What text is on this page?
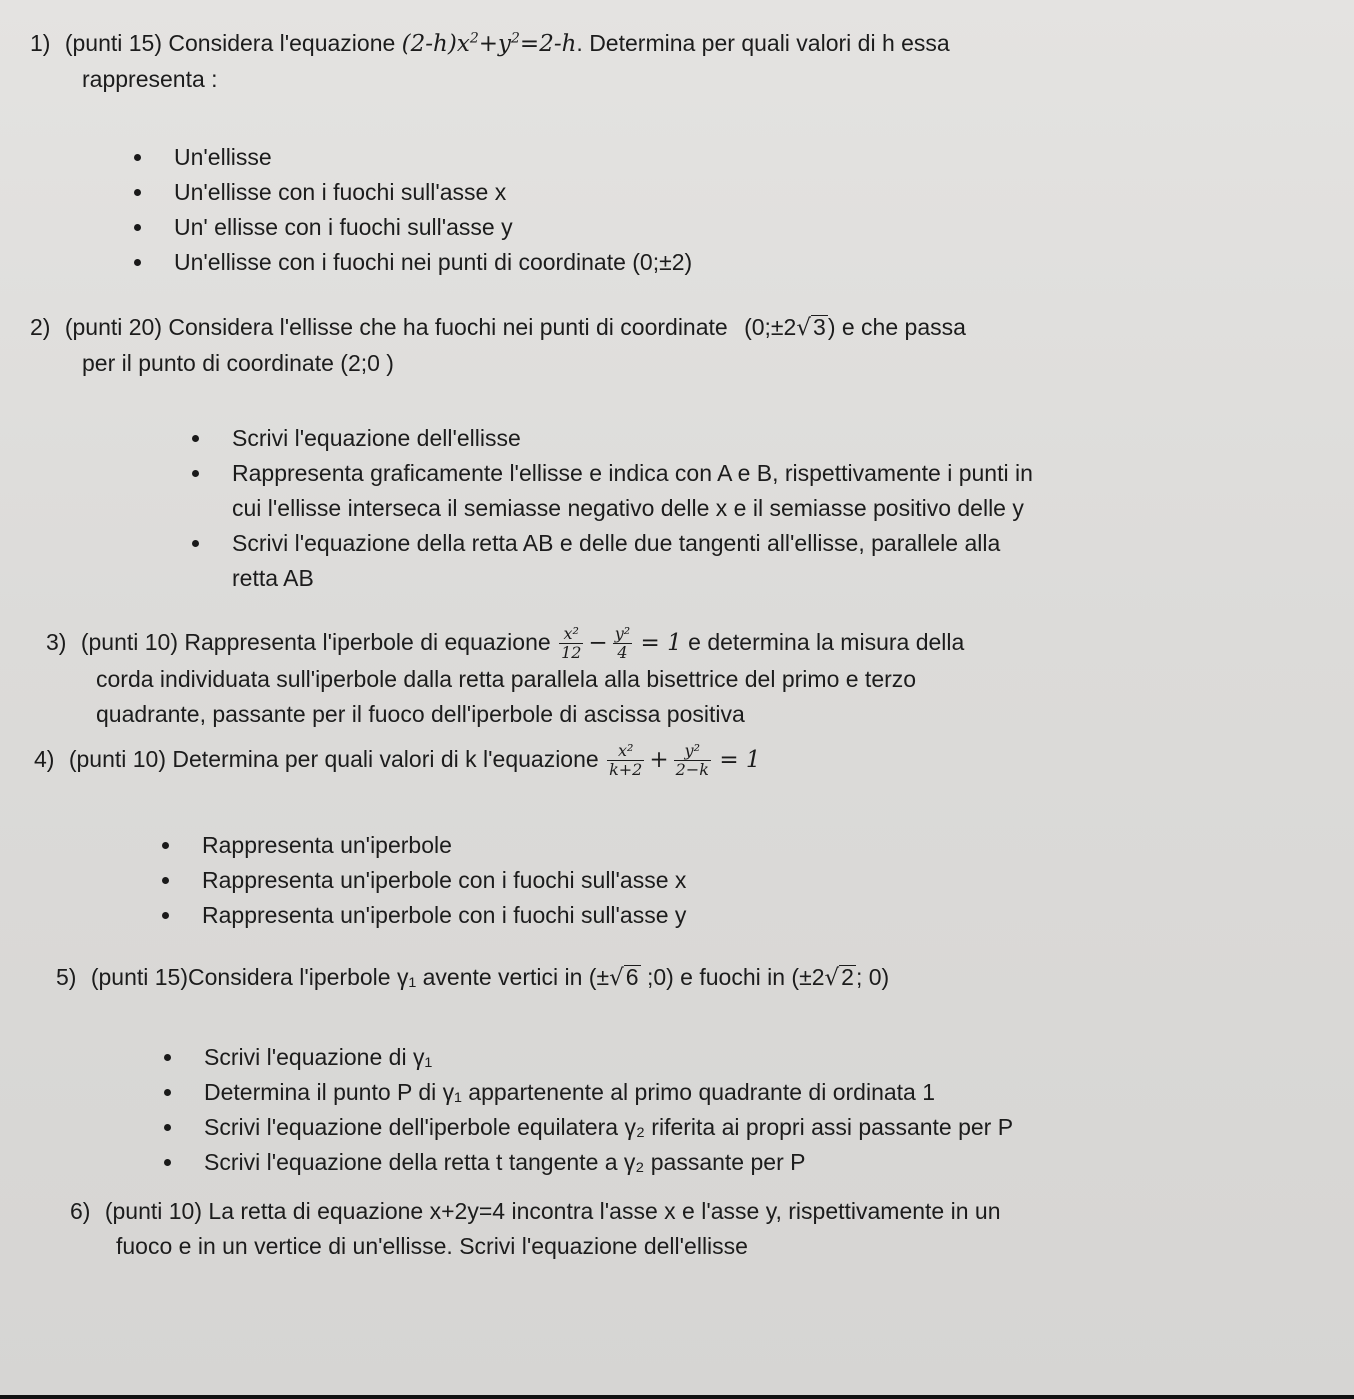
1) (punti 15) Considera l'equazione $(2-h)x^2+y^2=2-h$. Determina per quali valori di h essa
rappresenta :
Un'ellisse
Un'ellisse con i fuochi sull'asse x
Un' ellisse con i fuochi sull'asse y
Un'ellisse con i fuochi nei punti di coordinate (0;±2)
2) (punti 20) Considera l'ellisse che ha fuochi nei punti di coordinate (0;±2√3) e che passa
per il punto di coordinate (2;0 )
Scrivi l'equazione dell'ellisse
Rappresenta graficamente l'ellisse e indica con A e B, rispettivamente i punti in
cui l'ellisse interseca il semiasse negativo delle x e il semiasse positivo delle y
Scrivi l'equazione della retta AB e delle due tangenti all'ellisse, parallele alla
retta AB
3) (punti 10) Rappresenta l'iperbole di equazione $\frac{\text{x²}}{12} - \frac{\text{y²}}{4} = 1$ e determina la misura della
corda individuata sull'iperbole dalla retta parallela alla bisettrice del primo e terzo
quadrante, passante per il fuoco dell'iperbole di ascissa positiva
4) (punti 10) Determina per quali valori di k l'equazione $\frac{\text{x²}}{k+2} + \frac{\text{y²}}{2-k} = 1$
Rappresenta un'iperbole
Rappresenta un'iperbole con i fuochi sull'asse x
Rappresenta un'iperbole con i fuochi sull'asse y
5) (punti 15)Considera l'iperbole γ₁ avente vertici in (±√6 ;0) e fuochi in (±2√2; 0)
Scrivi l'equazione di γ₁
Determina il punto P di γ₁ appartenente al primo quadrante di ordinata 1
Scrivi l'equazione dell'iperbole equilatera γ₂ riferita ai propri assi passante per P
Scrivi l'equazione della retta t tangente a γ₂ passante per P
6) (punti 10) La retta di equazione x+2y=4 incontra l'asse x e l'asse y, rispettivamente in un
fuoco e in un vertice di un'ellisse. Scrivi l'equazione dell'ellisse
